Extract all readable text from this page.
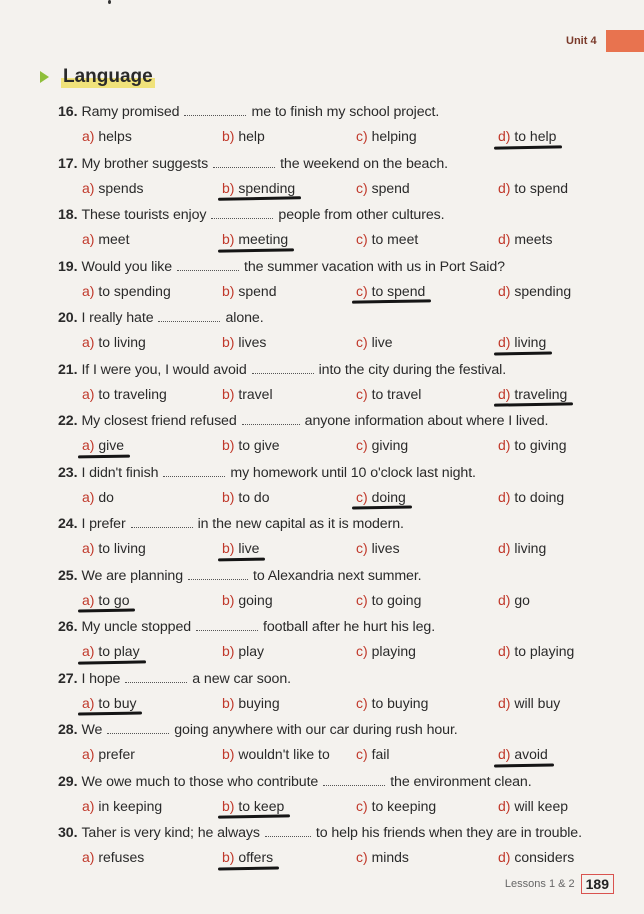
Unit 4
Language
16. Ramy promised	me to finish my school project.
a) helps	b) help	c) helping	d) to help
17. My brother suggests	the weekend on the beach.
a) spends	b) spending	c) spend	d) to spend
18. These tourists enjoy	people from other cultures.
a) meet	b) meeting	c) to meet	d) meets
19. Would you like	the summer vacation with us in Port Said?
a) to spending	b) spend	c) to spend	d) spending
20. I really hate	alone.
a) to living	b) lives	c) live	d) living
21. If I were you, I would avoid	into the city during the festival.
a) to traveling	b) travel	c) to travel	d) traveling
22. My closest friend refused	anyone information about where I lived.
a) give	b) to give	c) giving	d) to giving
23. I didn't finish	my homework until 10 o'clock last night.
a) do	b) to do	c) doing	d) to doing
24. I prefer	in the new capital as it is modern.
a) to living	b) live	c) lives	d) living
25. We are planning	to Alexandria next summer.
a) to go	b) going	c) to going	d) go
26. My uncle stopped	football after he hurt his leg.
a) to play	b) play	c) playing	d) to playing
27. I hope	a new car soon.
a) to buy	b) buying	c) to buying	d) will buy
28. We	going anywhere with our car during rush hour.
a) prefer	b) wouldn't like to c) fail	d) avoid
29. We owe much to those who contribute	the environment clean.
a) in keeping	b) to keep	c) to keeping	d) will keep
30. Taher is very kind; he always	to help his friends when they are in trouble.
a) refuses	b) offers	c) minds	d) considers
Lessons 1 & 2 189
